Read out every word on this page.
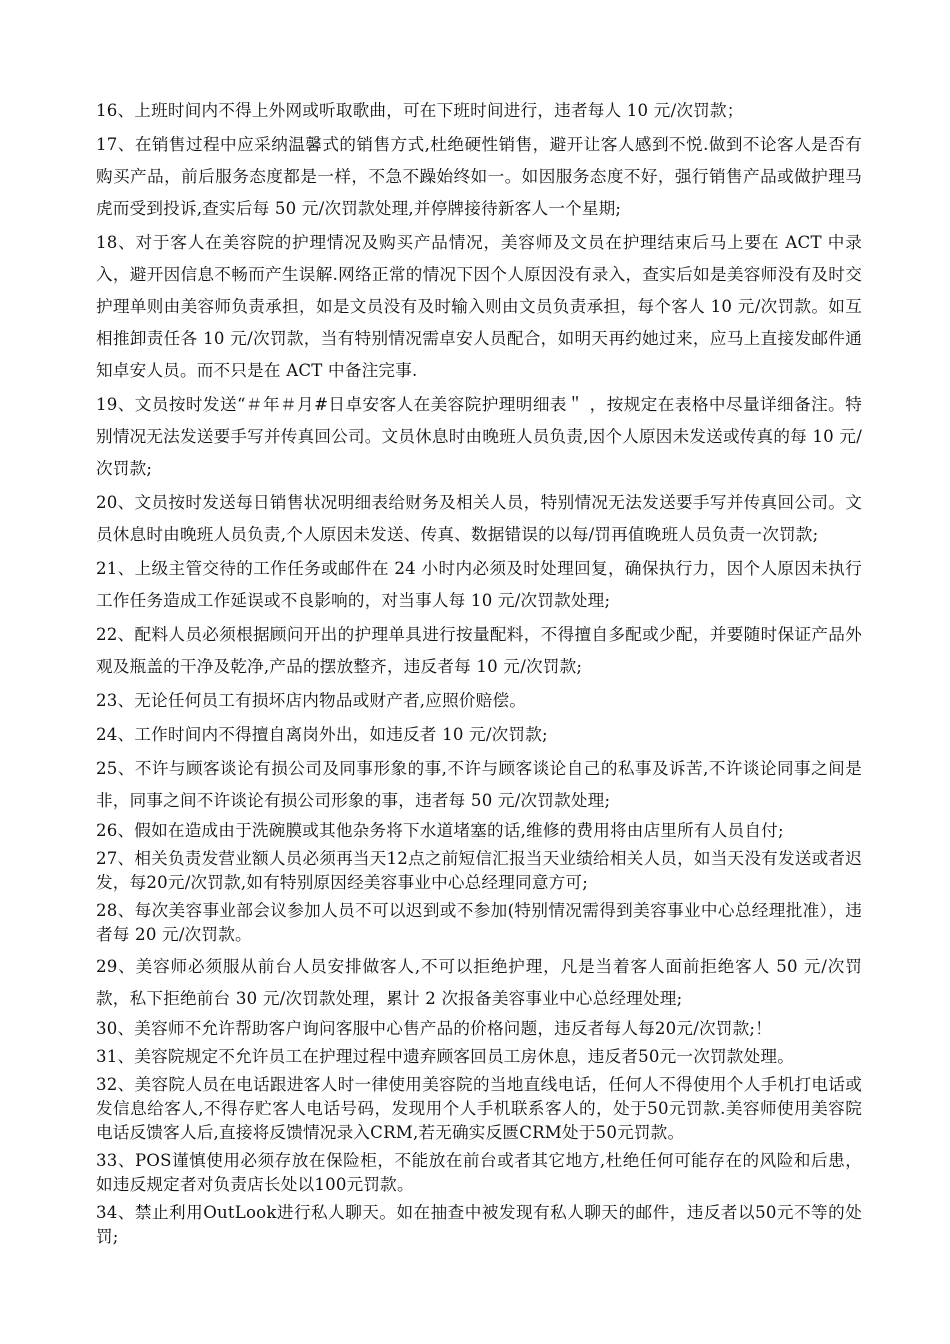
16、上班时间内不得上外网或听取歌曲，可在下班时间进行，违者每人 10 元/次罚款；

17、在销售过程中应采纳温馨式的销售方式,杜绝硬性销售，避开让客人感到不悦.做到不论客人是否有购买产品，前后服务态度都是一样，不急不躁始终如一。如因服务态度不好，强行销售产品或做护理马虎而受到投诉,查实后每 50 元/次罚款处理,并停牌接待新客人一个星期;

18、对于客人在美容院的护理情况及购买产品情况，美容师及文员在护理结束后马上要在 ACT 中录入，避开因信息不畅而产生误解.网络正常的情况下因个人原因没有录入，查实后如是美容师没有及时交护理单则由美容师负责承担，如是文员没有及时输入则由文员负责承担，每个客人 10 元/次罚款。如互相推卸责任各 10 元/次罚款，当有特别情况需卓安人员配合，如明天再约她过来，应马上直接发邮件通知卓安人员。而不只是在 ACT 中备注完事.

19、文员按时发送“＃年＃月#日卓安客人在美容院护理明细表＂ ，按规定在表格中尽量详细备注。特别情况无法发送要手写并传真回公司。文员休息时由晚班人员负责,因个人原因未发送或传真的每 10 元/次罚款;

20、文员按时发送每日销售状况明细表给财务及相关人员，特别情况无法发送要手写并传真回公司。文员休息时由晚班人员负责,个人原因未发送、传真、数据错误的以每/罚再值晚班人员负责一次罚款;

21、上级主管交待的工作任务或邮件在 24 小时内必须及时处理回复，确保执行力，因个人原因未执行工作任务造成工作延误或不良影响的，对当事人每 10 元/次罚款处理;

22、配料人员必须根据顾问开出的护理单具进行按量配料，不得擅自多配或少配，并要随时保证产品外观及瓶盖的干净及乾净,产品的摆放整齐，违反者每 10 元/次罚款;

23、无论任何员工有损坏店内物品或财产者,应照价赔偿。

24、工作时间内不得擅自离岗外出，如违反者 10 元/次罚款;

25、不许与顾客谈论有损公司及同事形象的事,不许与顾客谈论自己的私事及诉苦,不许谈论同事之间是非，同事之间不许谈论有损公司形象的事，违者每 50 元/次罚款处理;

26、假如在造成由于洗碗膜或其他杂务将下水道堵塞的话,维修的费用将由店里所有人员自付;

27、相关负责发营业额人员必须再当天12点之前短信汇报当天业绩给相关人员，如当天没有发送或者迟发，每20元/次罚款,如有特别原因经美容事业中心总经理同意方可;

28、每次美容事业部会议参加人员不可以迟到或不参加(特别情况需得到美容事业中心总经理批准），违者每 20 元/次罚款。

29、美容师必须服从前台人员安排做客人,不可以拒绝护理，凡是当着客人面前拒绝客人 50 元/次罚款，私下拒绝前台 30 元/次罚款处理，累计 2 次报备美容事业中心总经理处理;

30、美容师不允许帮助客户询问客服中心售产品的价格问题，违反者每人每20元/次罚款;！

31、美容院规定不允许员工在护理过程中遗弃顾客回员工房休息，违反者50元一次罚款处理。

32、美容院人员在电话跟进客人时一律使用美容院的当地直线电话，任何人不得使用个人手机打电话或发信息给客人,不得存贮客人电话号码，发现用个人手机联系客人的，处于50元罚款.美容师使用美容院电话反馈客人后,直接将反馈情况录入CRM,若无确实反匮CRM处于50元罚款。

33、POS谨慎使用必须存放在保险柜，不能放在前台或者其它地方,杜绝任何可能存在的风险和后患，如违反规定者对负责店长处以100元罚款。

34、禁止利用OutLook进行私人聊天。如在抽查中被发现有私人聊天的邮件，违反者以50元不等的处罚;
